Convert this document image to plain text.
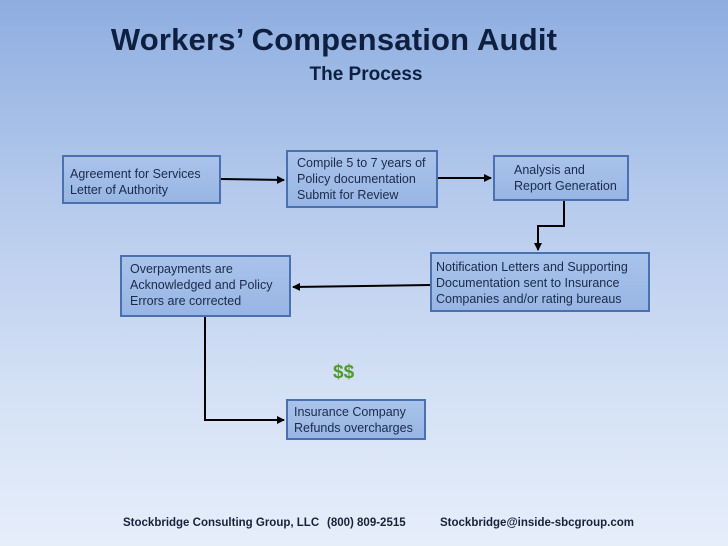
Workers’ Compensation Audit
The Process
Agreement for Services
Letter of Authority
Compile 5 to 7 years of
Policy documentation
Submit for Review
Analysis and
Report Generation
Notification Letters and Supporting
Documentation sent to Insurance
Companies and/or rating bureaus
Overpayments are
Acknowledged and Policy
Errors are corrected
$$
Insurance Company
Refunds overcharges
Stockbridge Consulting Group, LLC (800) 809-2515	Stockbridge@inside-sbcgroup.com
